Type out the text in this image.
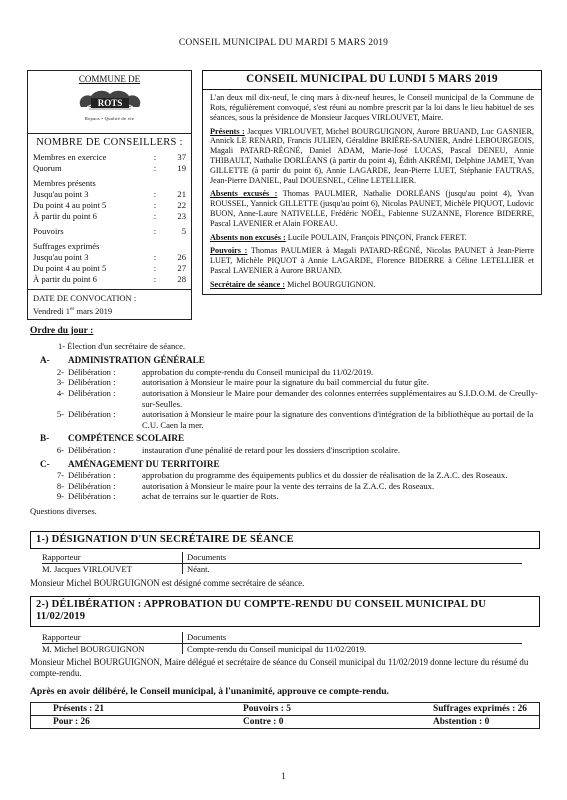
CONSEIL MUNICIPAL DU MARDI 5 MARS 2019
COMMUNE DE
ROTS
Repaos • Qualité de vie
NOMBRE DE CONSEILLERS :
Membres en exercice	:	37
Quorum	:	19
Membres présents
Jusqu'au point 3	:	21
Du point 4 au point 5	:	22
À partir du point 6	:	23
Pouvoirs	:	5
Suffrages exprimés
Jusqu'au point 3	:	26
Du point 4 au point 5	:	27
À partir du point 6	:	28
DATE DE CONVOCATION :
Vendredi 1er mars 2019
CONSEIL MUNICIPAL DU LUNDI 5 MARS 2019

L'an deux mil dix-neuf, le cinq mars à dix-neuf heures, le Conseil municipal de la Commune de Rots, régulièrement convoqué, s'est réuni au nombre prescrit par la loi dans le lieu habituel de ses séances, sous la présidence de Monsieur Jacques VIRLOUVET, Maire.

Présents : Jacques VIRLOUVET, Michel BOURGUIGNON, Aurore BRUAND, Luc GASNIER, Annick LE RENARD, Francis JULIEN, Géraldine BRIÈRE-SAUNIER, André LEBOURGEOIS, Magali PATARD-RÉGNÉ, Daniel ADAM, Marie-José LUCAS, Pascal DENEU, Annie THIBAULT, Nathalie DORLÉANS (à partir du point 4), Édith AKRÉMI, Delphine JAMET, Yvan GILLETTE (à partir du point 6), Annie LAGARDE, Jean-Pierre LUET, Stéphanie FAUTRAS, Jean-Pierre DANIEL, Paul DOUESNEL, Céline LETELLIER.

Absents excusés : Thomas PAULMIER, Nathalie DORLÉANS (jusqu'au point 4), Yvan ROUSSEL, Yannick GILLETTE (jusqu'au point 6), Nicolas PAUNET, Michèle PIQUOT, Ludovic BUON, Anne-Laure NATIVELLE, Frédéric NOËL, Fabienne SUZANNE, Florence BIDERRE, Pascal LAVENIER et Alain FOREAU.

Absents non excusés : Lucile POULAIN, François PINÇON, Franck FERET.

Pouvoirs : Thomas PAULMIER à Magali PATARD-RÉGNÉ, Nicolas PAUNET à Jean-Pierre LUET, Michèle PIQUOT à Annie LAGARDE, Florence BIDERRE à Céline LETELLIER et Pascal LAVENIER à Aurore BRUAND.

Secrétaire de séance : Michel BOURGUIGNON.

Ordre du jour :
1- Élection d'un secrétaire de séance.
A-	ADMINISTRATION GÉNÉRALE
2- Délibération :	approbation du compte-rendu du Conseil municipal du 11/02/2019.
3- Délibération :	autorisation à Monsieur le maire pour la signature du bail commercial du futur gîte.
4- Délibération :	autorisation à Monsieur le Maire pour demander des colonnes enterrées supplémentaires au S.I.D.O.M. de Creully-sur-Seulles.
5- Délibération :	autorisation à Monsieur le maire pour la signature des conventions d'intégration de la bibliothèque au portail de la C.U. Caen la mer.
B-	COMPÉTENCE SCOLAIRE
6- Délibération :	instauration d'une pénalité de retard pour les dossiers d'inscription scolaire.
C-	AMÉNAGEMENT DU TERRITOIRE
7- Délibération :	approbation du programme des équipements publics et du dossier de réalisation de la Z.A.C. des Roseaux.
8- Délibération :	autorisation à Monsieur le maire pour la vente des terrains de la Z.A.C. des Roseaux.
9- Délibération :	achat de terrains sur le quartier de Rots.
Questions diverses.
1-) DÉSIGNATION D'UN SECRÉTAIRE DE SÉANCE
Rapporteur	Documents
M. Jacques VIRLOUVET	Néant.
Monsieur Michel BOURGUIGNON est désigné comme secrétaire de séance.
2-) DÉLIBÉRATION : APPROBATION DU COMPTE-RENDU DU CONSEIL MUNICIPAL DU 11/02/2019
Rapporteur	Documents
M. Michel BOURGUIGNON	Compte-rendu du Conseil municipal du 11/02/2019.
Monsieur Michel BOURGUIGNON, Maire délégué et secrétaire de séance du Conseil municipal du 11/02/2019 donne lecture du résumé du compte-rendu.
Après en avoir délibéré, le Conseil municipal, à l'unanimité, approuve ce compte-rendu.
Présents : 21	Pouvoirs : 5	Suffrages exprimés : 26
Pour : 26	Contre : 0	Abstention : 0
1
